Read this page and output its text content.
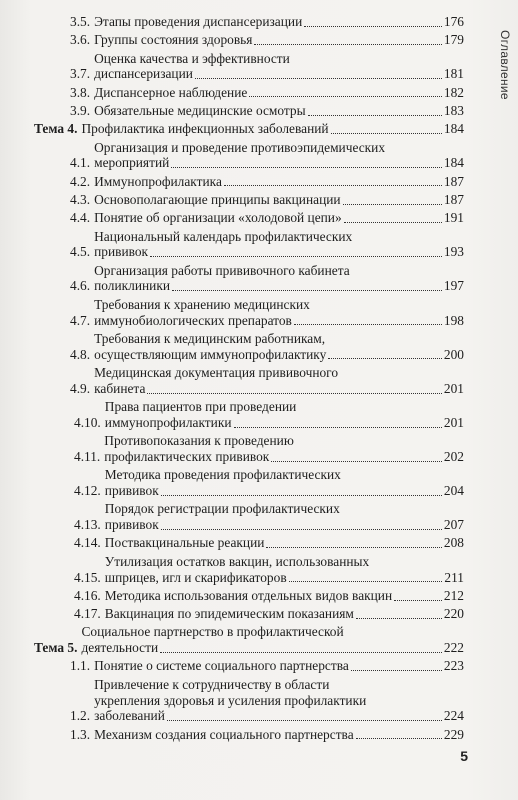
Оглавление
3.5. Этапы проведения диспансеризации	176
3.6. Группы состояния здоровья	179
3.7.
Оценка качества и эффективности
диспансеризации	181
3.8. Диспансерное наблюдение	182
3.9. Обязательные медицинские осмотры	183
Тема 4. Профилактика инфекционных заболеваний	184
4.1.
Организация и проведение противоэпидемических
мероприятий	184
4.2. Иммунопрофилактика	187
4.3. Основополагающие принципы вакцинации	187
4.4. Понятие об организации «холодовой цепи»	191
4.5.
Национальный календарь профилактических
прививок	193
4.6.
Организация работы прививочного кабинета
поликлиники	197
4.7.
Требования к хранению медицинских
иммунобиологических препаратов	198
4.8.
Требования к медицинским работникам,
осуществляющим иммунопрофилактику	200
4.9.
Медицинская документация прививочного
кабинета	201
4.10.
Права пациентов при проведении
иммунопрофилактики	201
4.11.
Противопоказания к проведению
профилактических прививок	202
4.12.
Методика проведения профилактических
прививок	204
4.13.
Порядок регистрации профилактических
прививок	207
4.14. Поствакцинальные реакции	208
4.15.
Утилизация остатков вакцин, использованных
шприцев, игл и скарификаторов	211
4.16. Методика использования отдельных видов вакцин	212
4.17. Вакцинация по эпидемическим показаниям	220
Тема 5.
Социальное партнерство в профилактической
деятельности	222
1.1. Понятие о системе социального партнерства	223
1.2.
Привлечение к сотрудничеству в области
укрепления здоровья и усиления профилактики
заболеваний	224
1.3. Механизм создания социального партнерства	229
5
